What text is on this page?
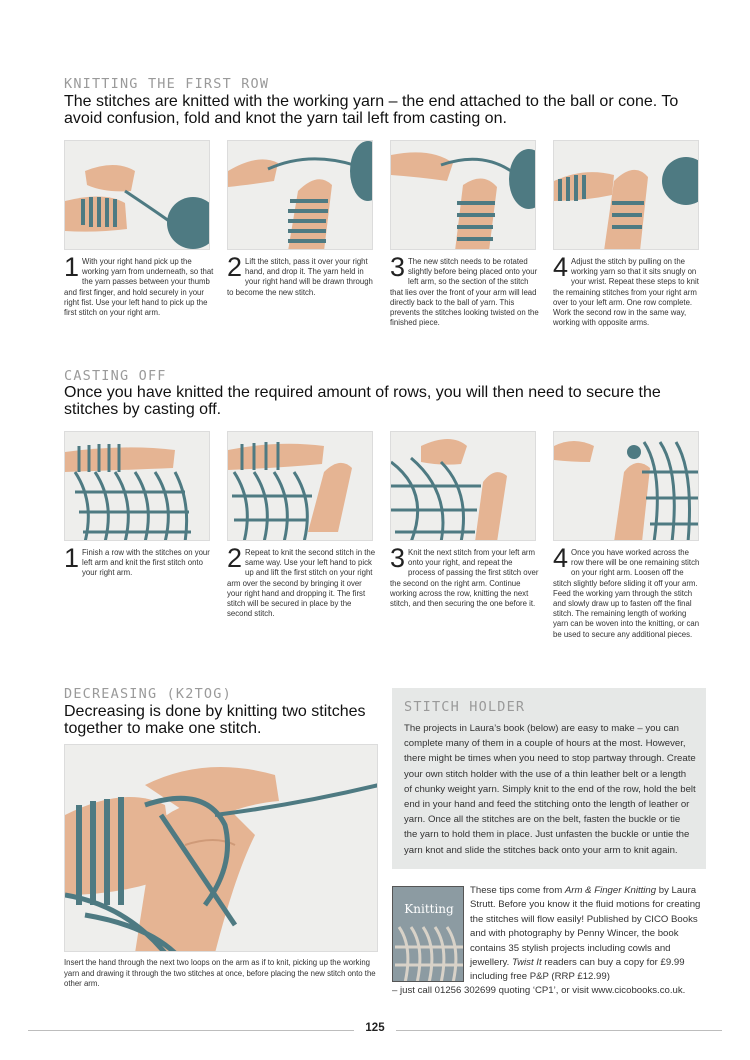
KNITTING THE FIRST ROW

The stitches are knitted with the working yarn – the end attached to the ball or cone. To avoid confusion, fold and knot the yarn tail left from casting on.

1 With your right hand pick up the working yarn from underneath, so that the yarn passes between your thumb and first finger, and hold securely in your right fist. Use your left hand to pick up the first stitch on your right arm.
2 Lift the stitch, pass it over your right hand, and drop it. The yarn held in your right hand will be drawn through to become the new stitch.
3 The new stitch needs to be rotated slightly before being placed onto your left arm, so the section of the stitch that lies over the front of your arm will lead directly back to the ball of yarn. This prevents the stitches looking twisted on the finished piece.
4 Adjust the stitch by pulling on the working yarn so that it sits snugly on your wrist. Repeat these steps to knit the remaining stitches from your right arm over to your left arm. One row complete. Work the second row in the same way, working with opposite arms.
CASTING OFF

Once you have knitted the required amount of rows, you will then need to secure the stitches by casting off.

1 Finish a row with the stitches on your left arm and knit the first stitch onto your right arm.	2 Repeat to knit the second stitch in the same way. Use your left hand to pick up and lift the first stitch on your right arm over the second by bringing it over your right hand and dropping it. The first stitch will be secured in place by the second stitch.
3 Knit the next stitch from your left arm onto your right, and repeat the process of passing the first stitch over the second on the right arm. Continue working across the row, knitting the next stitch, and then securing the one before it.
4 Once you have worked across the row there will be one remaining stitch on your right arm. Loosen off the stitch slightly before sliding it off your arm. Feed the working yarn through the stitch and slowly draw up to fasten off the final stitch. The remaining length of working yarn can be woven into the knitting, or can be used to secure any additional pieces.
DECREASING (K2TOG)

Decreasing is done by knitting two stitches together to make one stitch.

Insert the hand through the next two loops on the arm as if to knit, picking up the working yarn and drawing it through the two stitches at once, before placing the new stitch onto the other arm.
STITCH HOLDER

The projects in Laura’s book (below) are easy to make – you can complete many of them in a couple of hours at the most. However, there might be times when you need to stop partway through. Create your own stitch holder with the use of a thin leather belt or a length of chunky weight yarn. Simply knit to the end of the row, hold the belt end in your hand and feed the stitching onto the length of leather or yarn. Once all the stitches are on the belt, fasten the buckle or tie the yarn to hold them in place. Just unfasten the buckle or untie the yarn knot and slide the stitches back onto your arm to knit again.

Knitting
These tips come from Arm & Finger Knitting by Laura Strutt. Before you know it the fluid motions for creating the stitches will flow easily! Published by CICO Books and with photography by Penny Wincer, the book contains 35 stylish projects including cowls and jewellery. Twist It readers can buy a copy for £9.99 including free P&P (RRP £12.99)
– just call 01256 302699 quoting ‘CP1’, or visit www.cicobooks.co.uk.
125
